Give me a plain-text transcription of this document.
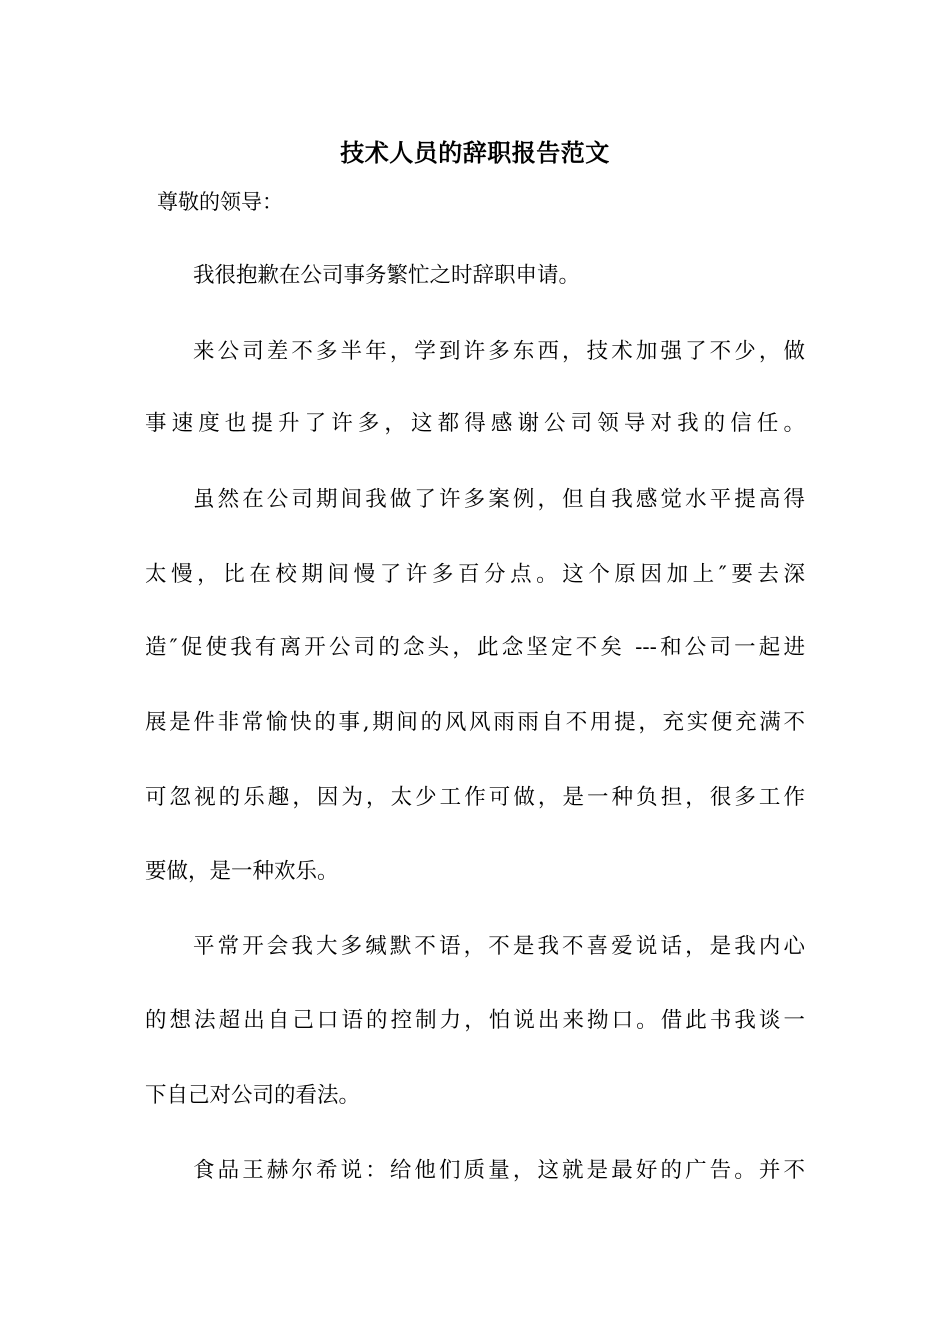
技术人员的辞职报告范文
尊敬的领导：
我很抱歉在公司事务繁忙之时辞职申请。
来公司差不多半年，学到许多东西，技术加强了不少，做
事速度也提升了许多，这都得感谢公司领导对我的信任。
虽然在公司期间我做了许多案例，但自我感觉水平提高得
太慢，比在校期间慢了许多百分点。这个原因加上″要去深
造″促使我有离开公司的念头，此念坚定不矣 ---和公司一起进
展是件非常愉快的事,期间的风风雨雨自不用提，充实便充满不
可忽视的乐趣，因为，太少工作可做，是一种负担，很多工作
要做，是一种欢乐。
平常开会我大多缄默不语，不是我不喜爱说话，是我内心
的想法超出自己口语的控制力，怕说出来拗口。借此书我谈一
下自己对公司的看法。
食品王赫尔希说：给他们质量，这就是最好的广告。并不
